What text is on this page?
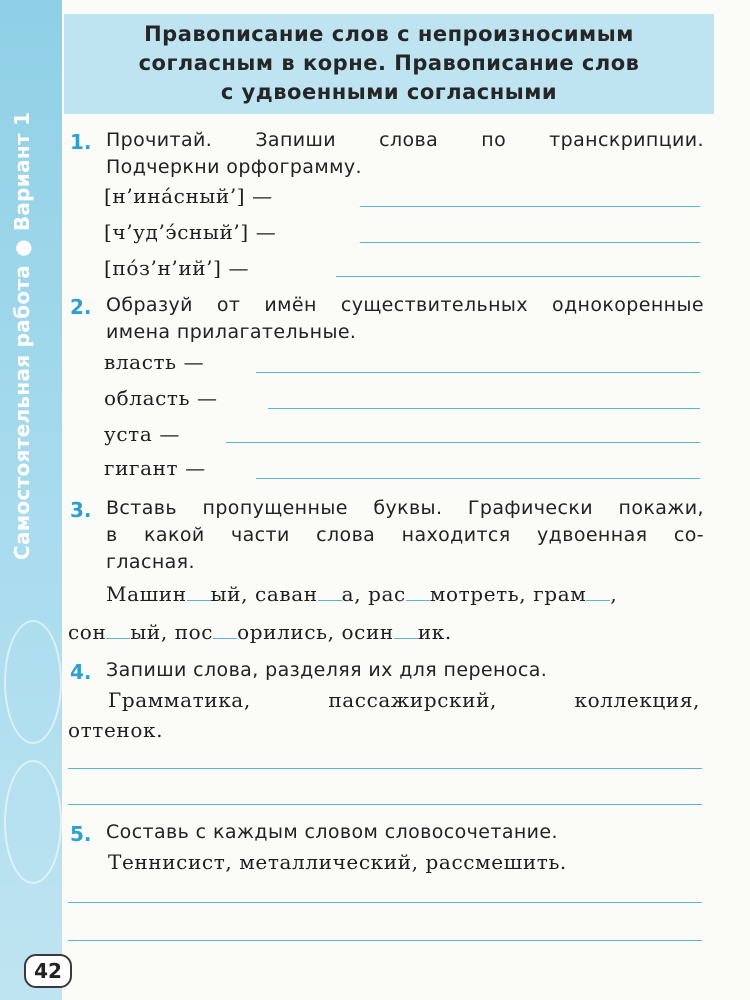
Самостоятельная работа●Вариант 1
42
Правописание слов с непроизносимым
согласным в корне. Правописание слов
с удвоенными согласными
1. Прочитай. Запиши слова по транскрипции.
Подчеркни орфограмму.
[н’ина́сный’] —
[ч’уд’э́сный’] —
[по́з’н’ий’] —
2. Образуй от имён существительных однокоренные
имена прилагательные.
власть —
область —
уста —
гигант —
3. Вставь пропущенные буквы. Графически покажи,
в какой части слова находится удвоенная со-
гласная.
Машин ый, саван а, рас мотреть, грам ,
сон ый, пос орились, осин ик.
4. Запиши слова, разделяя их для переноса.
Грамматика, пассажирский, коллекция,
оттенок.
5. Составь с каждым словом словосочетание.
Теннисист, металлический, рассмешить.
